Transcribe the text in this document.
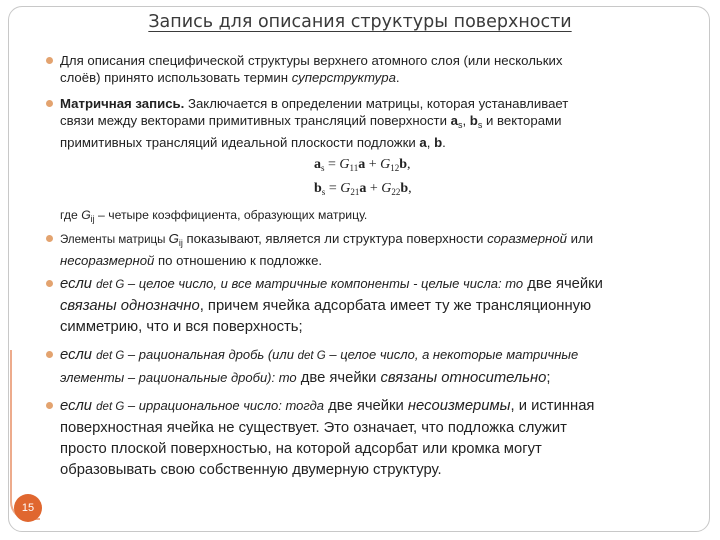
Запись для описания структуры поверхности
Для описания специфической структуры верхнего атомного слоя (или нескольких
слоёв) принято использовать термин суперструктура.
Матричная запись. Заключается в определении матрицы, которая устанавливает
связи между векторами примитивных трансляций поверхности $a_s$, $b_s$ и векторами
примитивных трансляций идеальной плоскости подложки a, b.
$a_s = G_{11}a + G_{12}b$,
$b_s = G_{21}a + G_{22}b$,
где $G_{ij}$ – четыре коэффициента, образующих матрицу.
Элементы матрицы $G_{ij}$ показывают, является ли структура поверхности соразмерной или
несоразмерной по отношению к подложке.
если det G – целое число, и все матричные компоненты - целые числа: то две ячейки
связаны однозначно, причем ячейка адсорбата имеет ту же трансляционную
симметрию, что и вся поверхность;
если det G – рациональная дробь (или det G – целое число, а некоторые матричные
элементы – рациональные дроби): то две ячейки связаны относительно;
если det G – иррациональное число: тогда две ячейки несоизмеримы, и истинная
поверхностная ячейка не существует. Это означает, что подложка служит
просто плоской поверхностью, на которой адсорбат или кромка могут
образовывать свою собственную двумерную структуру.
15
